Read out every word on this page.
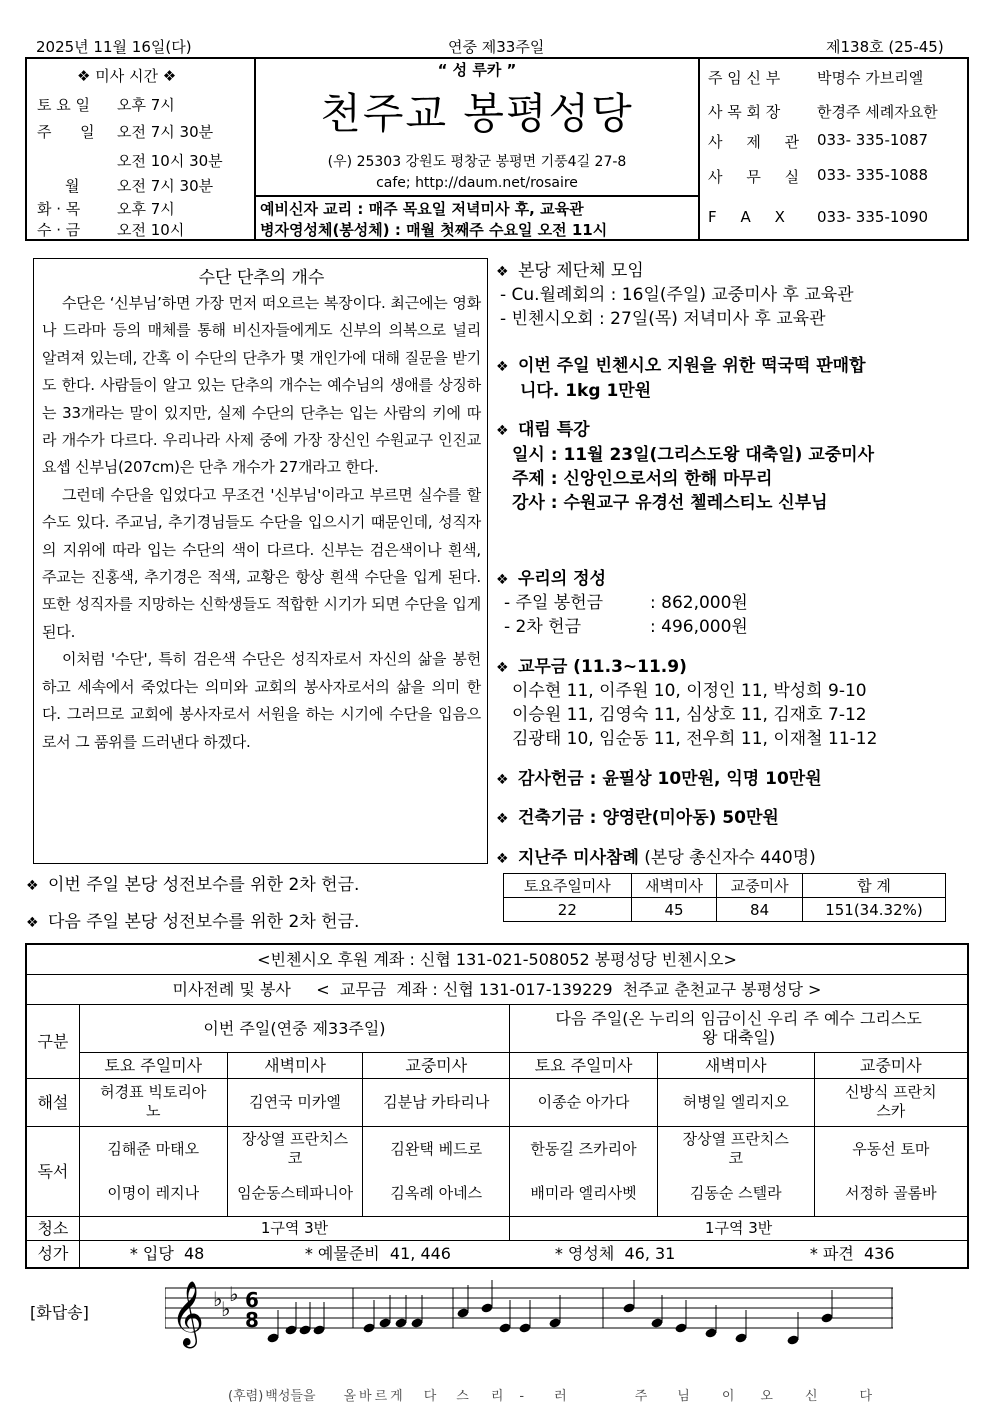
2025년 11월 16일(다)	연중 제33주일	제138호 (25-45)
❖ 미사 시간 ❖
토 요 일 오후 7시
주      일 오전 7시 30분
오전 10시 30분
월	오전 7시 30분
화 · 목 오후 7시
수 · 금 오전 10시
“ 성 루카 ”
천주교 봉평성당
(우) 25303 강원도 평창군 봉평면 기풍4길 27-8
cafe; http://daum.net/rosaire
예비신자 교리 : 매주 목요일 저녁미사 후, 교육관
병자영성체(봉성체) : 매월 첫째주 수요일 오전 11시
주 임 신 부 박명수 가브리엘
사 목 회 장 한경주 세례자요한
사     제     관 033- 335-1087
사     무     실 033- 335-1088
F     A     X 033- 335-1090
수단 단추의 개수

수단은 ‘신부님’하면 가장 먼저 떠오르는 복장이다. 최근에는 영화나 드라마 등의 매체를 통해 비신자들에게도 신부의 의복으로 널리 알려져 있는데, 간혹 이 수단의 단추가 몇 개인가에 대해 질문을 받기도 한다. 사람들이 알고 있는 단추의 개수는 예수님의 생애를 상징하는 33개라는 말이 있지만, 실제 수단의 단추는 입는 사람의 키에 따라 개수가 다르다. 우리나라 사제 중에 가장 장신인 수원교구 인진교 요셉 신부님(207cm)은 단추 개수가 27개라고 한다.

그런데 수단을 입었다고 무조건 '신부님'이라고 부르면 실수를 할 수도 있다. 주교님, 추기경님들도 수단을 입으시기 때문인데, 성직자의 지위에 따라 입는 수단의 색이 다르다. 신부는 검은색이나 흰색, 주교는 진홍색, 추기경은 적색, 교황은 항상 흰색 수단을 입게 된다. 또한 성직자를 지망하는 신학생들도 적합한 시기가 되면 수단을 입게 된다.

이처럼 '수단', 특히 검은색 수단은 성직자로서 자신의 삶을 봉헌하고 세속에서 죽었다는 의미와 교회의 봉사자로서의 삶을 의미 한다. 그러므로 교회에 봉사자로서 서원을 하는 시기에 수단을 입음으로서 그 품위를 드러낸다 하겠다.

❖ 이번 주일 본당 성전보수를 위한 2차 헌금.
❖ 다음 주일 본당 성전보수를 위한 2차 헌금.
❖ 본당 제단체 모임
- Cu.월례회의 : 16일(주일) 교중미사 후 교육관
- 빈첸시오회 : 27일(목) 저녁미사 후 교육관
❖ 이번 주일 빈첸시오 지원을 위한 떡국떡 판매합
니다. 1kg 1만원
❖ 대림 특강
일시 : 11월 23일(그리스도왕 대축일) 교중미사
주제 : 신앙인으로서의 한해 마무리
강사 : 수원교구 유경선 첼레스티노 신부님
❖ 우리의 정성
- 주일 봉헌금	: 862,000원
- 2차 헌금	: 496,000원
❖ 교무금 (11.3~11.9)
이수현 11, 이주원 10, 이정인 11, 박성희 9-10
이승원 11, 김영숙 11, 심상호 11, 김재호 7-12
김광태 10, 임순동 11, 전우희 11, 이재철 11-12
❖ 감사헌금 : 윤필상 10만원, 익명 10만원
❖ 건축기금 : 양영란(미아동) 50만원
❖ 지난주 미사참례 (본당 총신자수 440명)
토요주일미사	새벽미사	교중미사	합 계
22	45	84	151(34.32%)
<빈첸시오 후원 계좌 : 신협 131-021-508052 봉평성당 빈첸시오>						
미사전례 및 봉사     <  교무금  계좌 : 신협 131-017-139229  천주교 춘천교구 봉평성당 >						
구분	이번 주일(연중 제33주일)			다음 주일(온 누리의 임금이신 우리 주 예수 그리스도왕 대축일)		
	토요 주일미사	새벽미사	교중미사	토요 주일미사	새벽미사	교중미사
해설	허경표 빅토리아노	김연국 미카엘	김분남 카타리나	이종순 아가다	허병일 엘리지오	신방식 프란치스카
독서	김해준 마태오	장상열 프란치스코	김완택 베드로	한동길 즈카리아	장상열 프란치스코	우동선 토마
	이명이 레지나	임순동스테파니아	김옥례 아네스	배미라 엘리사벳	김동순 스텔라	서정하 골롬바
청소	1구역 3반			1구역 3반		
성가	* 입당  48 * 예물준비  41, 446 * 영성체  46, 31 * 파견  436					
[화답송] 𝄞 ♭
♭
♭ 6
8
(후렴) 백성들을 올바르게 다 스 리 - 러	주 님 이 오 신	다
